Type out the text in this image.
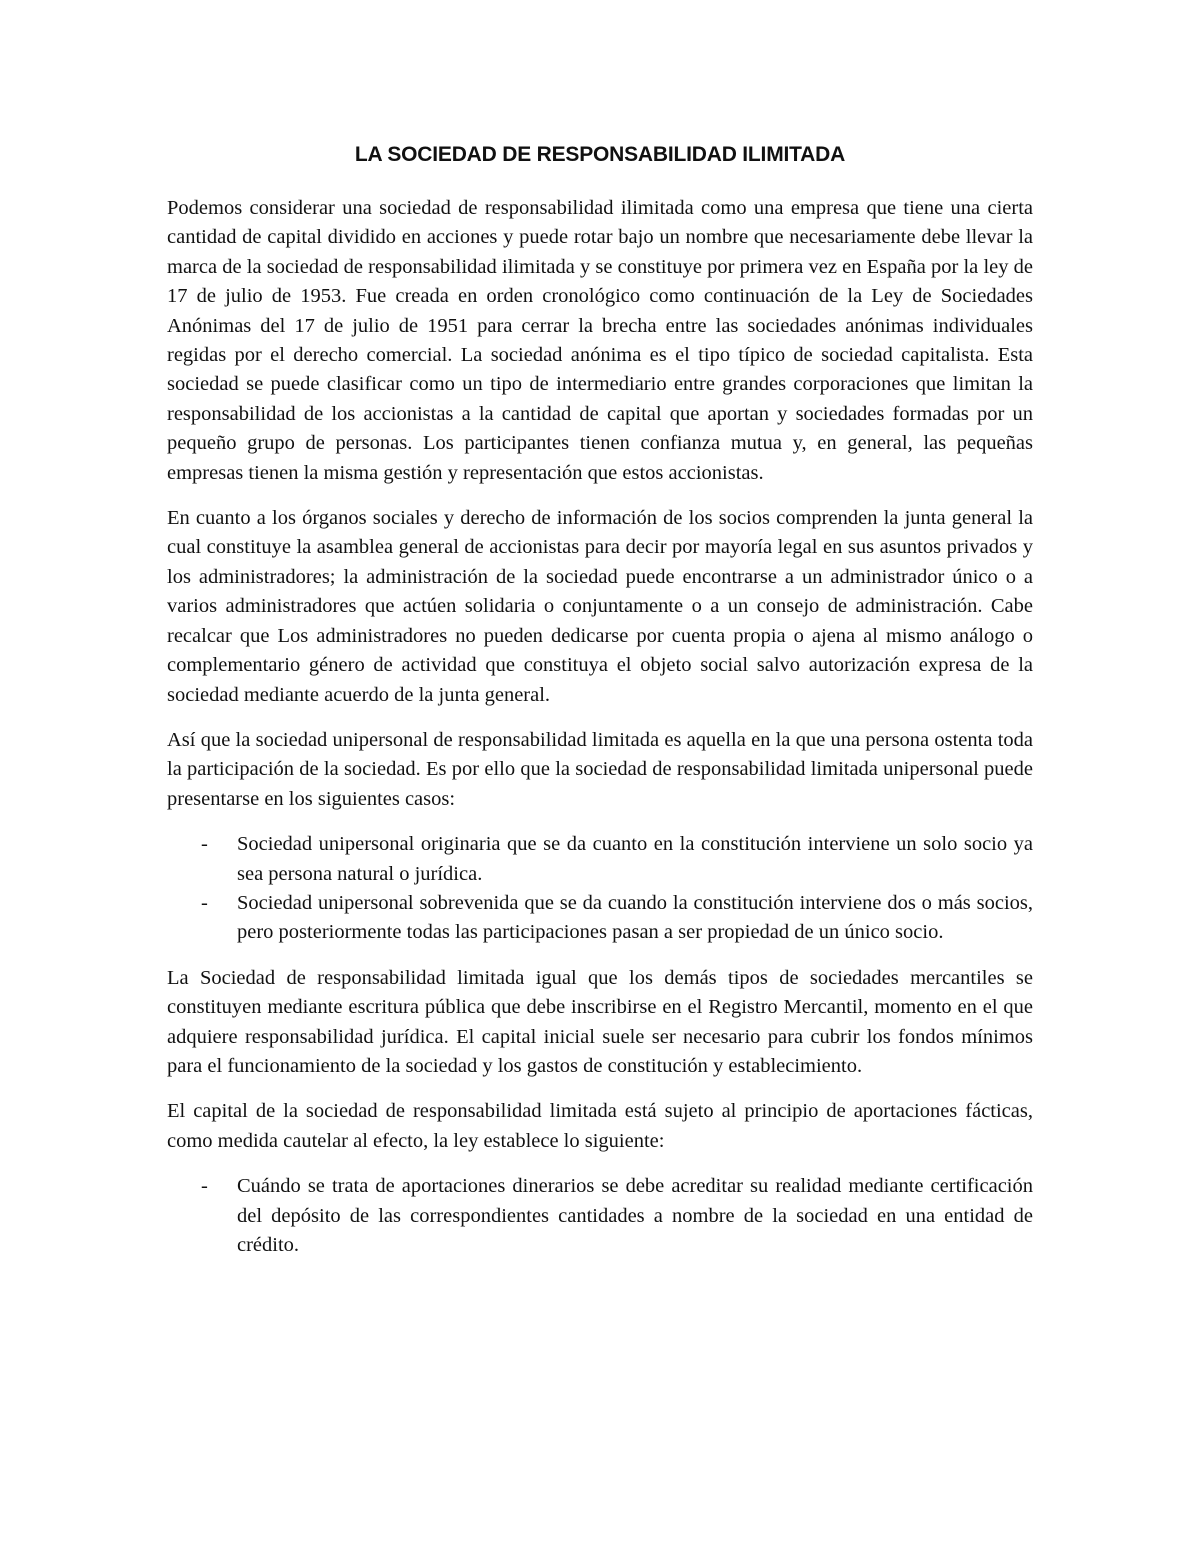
LA SOCIEDAD DE RESPONSABILIDAD ILIMITADA

Podemos considerar una sociedad de responsabilidad ilimitada como una empresa que tiene una cierta cantidad de capital dividido en acciones y puede rotar bajo un nombre que necesariamente debe llevar la marca de la sociedad de responsabilidad ilimitada y se constituye por primera vez en España por la ley de 17 de julio de 1953. Fue creada en orden cronológico como continuación de la Ley de Sociedades Anónimas del 17 de julio de 1951 para cerrar la brecha entre las sociedades anónimas individuales regidas por el derecho comercial. La sociedad anónima es el tipo típico de sociedad capitalista. Esta sociedad se puede clasificar como un tipo de intermediario entre grandes corporaciones que limitan la responsabilidad de los accionistas a la cantidad de capital que aportan y sociedades formadas por un pequeño grupo de personas. Los participantes tienen confianza mutua y, en general, las pequeñas empresas tienen la misma gestión y representación que estos accionistas.

En cuanto a los órganos sociales y derecho de información de los socios comprenden la junta general la cual constituye la asamblea general de accionistas para decir por mayoría legal en sus asuntos privados y los administradores; la administración de la sociedad puede encontrarse a un administrador único o a varios administradores que actúen solidaria o conjuntamente o a un consejo de administración. Cabe recalcar que Los administradores no pueden dedicarse por cuenta propia o ajena al mismo análogo o complementario género de actividad que constituya el objeto social salvo autorización expresa de la sociedad mediante acuerdo de la junta general.

Así que la sociedad unipersonal de responsabilidad limitada es aquella en la que una persona ostenta toda la participación de la sociedad. Es por ello que la sociedad de responsabilidad limitada unipersonal puede presentarse en los siguientes casos:

- Sociedad unipersonal originaria que se da cuanto en la constitución interviene un solo socio ya sea persona natural o jurídica.
- Sociedad unipersonal sobrevenida que se da cuando la constitución interviene dos o más socios, pero posteriormente todas las participaciones pasan a ser propiedad de un único socio.

La Sociedad de responsabilidad limitada igual que los demás tipos de sociedades mercantiles se constituyen mediante escritura pública que debe inscribirse en el Registro Mercantil, momento en el que adquiere responsabilidad jurídica. El capital inicial suele ser necesario para cubrir los fondos mínimos para el funcionamiento de la sociedad y los gastos de constitución y establecimiento.

El capital de la sociedad de responsabilidad limitada está sujeto al principio de aportaciones fácticas, como medida cautelar al efecto, la ley establece lo siguiente:

- Cuándo se trata de aportaciones dinerarios se debe acreditar su realidad mediante certificación del depósito de las correspondientes cantidades a nombre de la sociedad en una entidad de crédito.
